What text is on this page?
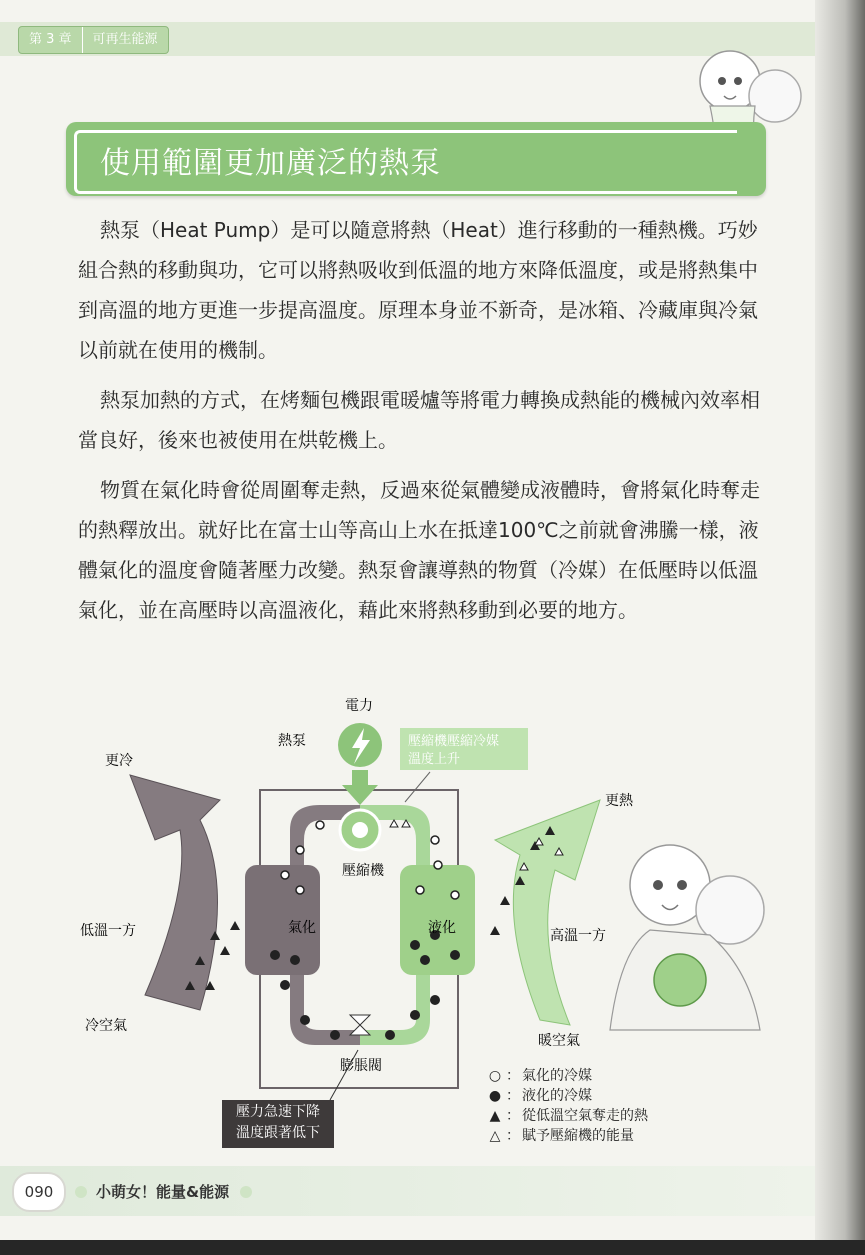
第 3 章	可再生能源
使用範圍更加廣泛的熱泵

熱泵（Heat Pump）是可以隨意將熱（Heat）進行移動的一種熱機。巧妙組合熱的移動與功，它可以將熱吸收到低溫的地方來降低溫度，或是將熱集中到高溫的地方更進一步提高溫度。原理本身並不新奇，是冰箱、冷藏庫與冷氣以前就在使用的機制。

熱泵加熱的方式，在烤麵包機跟電暖爐等將電力轉換成熱能的機械內效率相當良好，後來也被使用在烘乾機上。

物質在氣化時會從周圍奪走熱，反過來從氣體變成液體時，會將氣化時奪走的熱釋放出。就好比在富士山等高山上水在抵達100℃之前就會沸騰一樣，液體氣化的溫度會隨著壓力改變。熱泵會讓導熱的物質（冷媒）在低壓時以低溫氣化，並在高壓時以高溫液化，藉此來將熱移動到必要的地方。

壓縮機壓縮冷媒
溫度上升
電力
熱泵
更冷
更熱
壓縮機
氣化	液化
低溫一方	高溫一方
冷空氣
暖空氣
膨脹閥
○ ： 氣化的冷媒
● ： 液化的冷媒
▲ ： 從低溫空氣奪走的熱
△ ： 賦予壓縮機的能量
壓力急速下降
溫度跟著低下
090	小萌女！能量&能源
